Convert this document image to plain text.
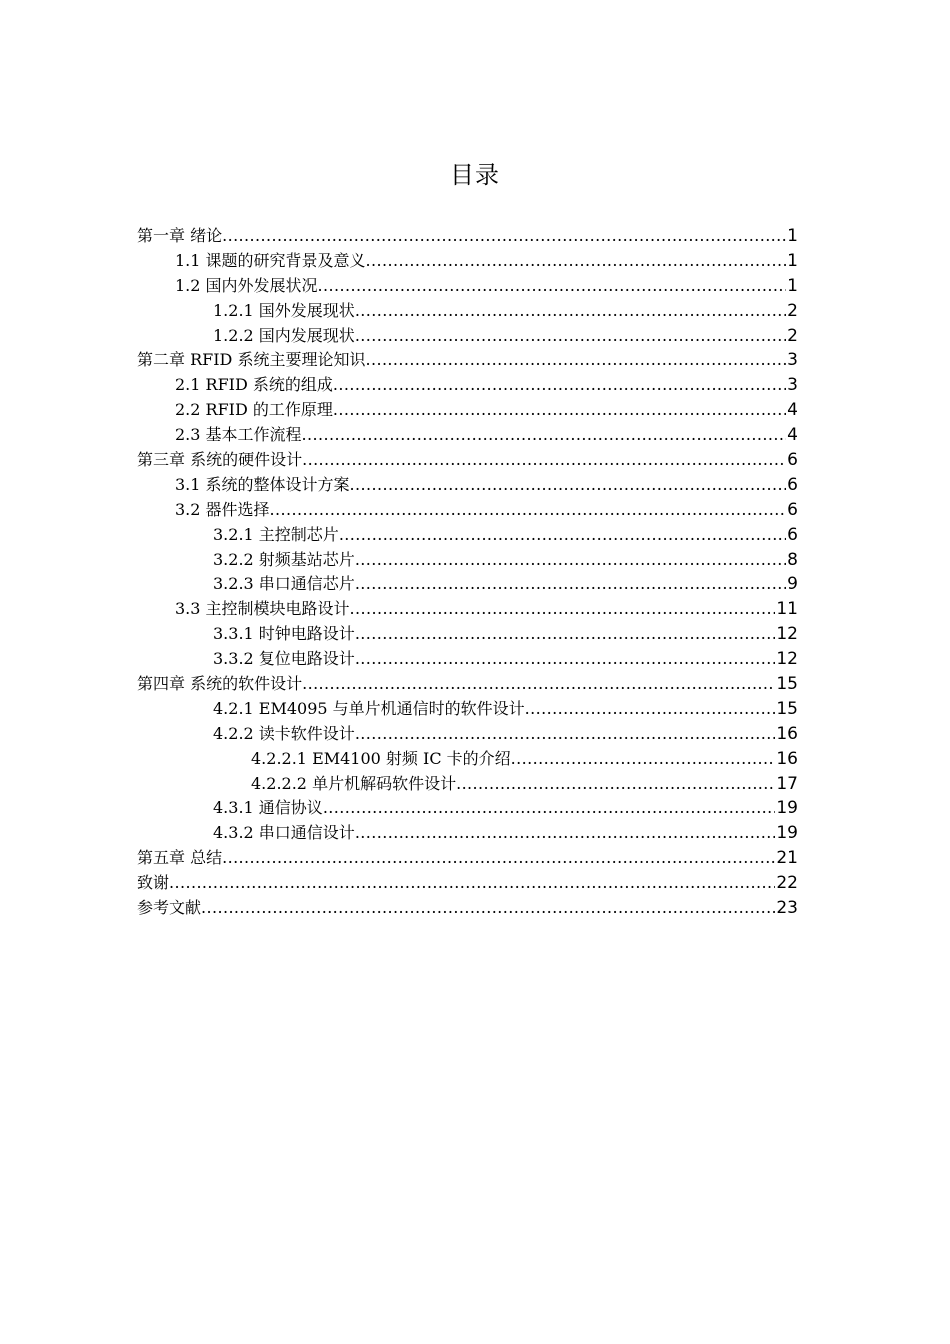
目录
第一章 绪论 .....	1
1.1 课题的研究背景及意义 .....	1
1.2 国内外发展状况 .....	1
1.2.1 国外发展现状 .....	2
1.2.2 国内发展现状 .....	2
第二章 RFID 系统主要理论知识 .....	3
2.1 RFID 系统的组成 .....	3
2.2 RFID 的工作原理 .....	4
2.3 基本工作流程 .....	4
第三章 系统的硬件设计 .....	6
3.1 系统的整体设计方案 .....	6
3.2 器件选择 .....	6
3.2.1 主控制芯片 .....	6
3.2.2 射频基站芯片 .....	8
3.2.3 串口通信芯片 .....	9
3.3 主控制模块电路设计 .....	11
3.3.1 时钟电路设计 .....	12
3.3.2 复位电路设计 .....	12
第四章 系统的软件设计 .....	15
4.2.1 EM4095 与单片机通信时的软件设计 .....	15
4.2.2 读卡软件设计 .....	16
4.2.2.1 EM4100 射频 IC 卡的介绍 .....	16
4.2.2.2 单片机解码软件设计 .....	17
4.3.1 通信协议 .....	19
4.3.2 串口通信设计 .....	19
第五章 总结 .....	21
致谢 .....	22
参考文献 .....	23
